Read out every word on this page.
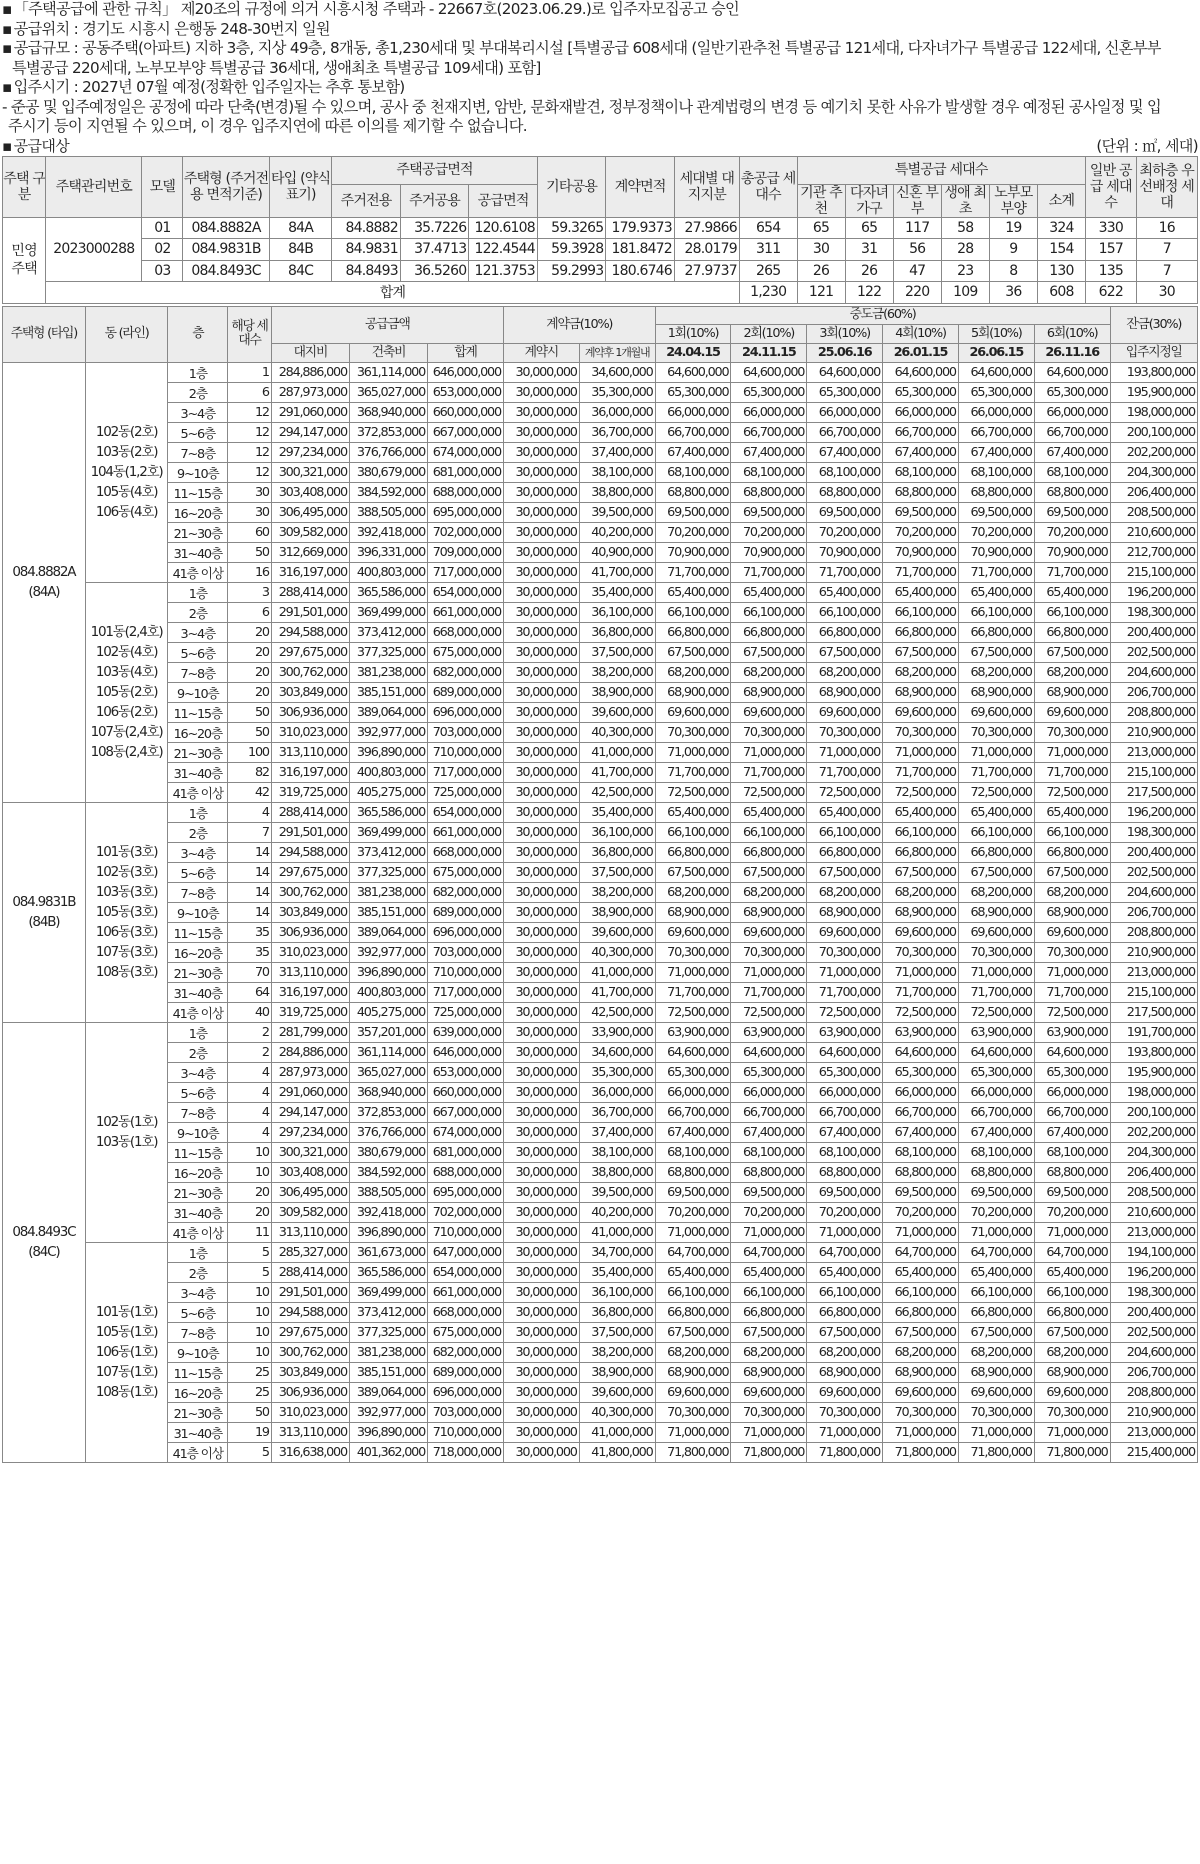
▪ 「주택공급에 관한 규칙」 제20조의 규정에 의거 시흥시청 주택과 - 22667호(2023.06.29.)로 입주자모집공고 승인
▪ 공급위치 : 경기도 시흥시 은행동 248-30번지 일원
▪ 공급규모 : 공동주택(아파트) 지하 3층, 지상 49층, 8개동, 총1,230세대 및 부대복리시설 [특별공급 608세대 (일반기관추천 특별공급 121세대, 다자녀가구 특별공급 122세대, 신혼부부
특별공급 220세대, 노부모부양 특별공급 36세대, 생애최초 특별공급 109세대) 포함]
▪ 입주시기 : 2027년 07월 예정(정확한 입주일자는 추후 통보함)
- 준공 및 입주예정일은 공정에 따라 단축(변경)될 수 있으며, 공사 중 천재지변, 암반, 문화재발견, 정부정책이나 관계법령의 변경 등 예기치 못한 사유가 발생할 경우 예정된 공사일정 및 입
주시기 등이 지연될 수 있으며, 이 경우 입주지연에 따른 이의를 제기할 수 없습니다.
▪ 공급대상	(단위 : ㎡, 세대)
주택 구분	주택관리번호	모델	주택형 (주거전용 면적기준)	타입 (약식표기)	주택공급면적			기타공용	계약면적	세대별 대지지분	총공급 세대수	특별공급 세대수						일반 공급 세대수	최하층 우선배정 세대
					주거전용	주거공용	공급면적					기관 추천	다자녀 가구	신혼 부부	생애 최초	노부모 부양	소계		
민영 주택	2023000288	01	084.8882A	84A	84.8882	35.7226	120.6108	59.3265	179.9373	27.9866	654	65	65	117	58	19	324	330	16
		02	084.9831B	84B	84.9831	37.4713	122.4544	59.3928	181.8472	28.0179	311	30	31	56	28	9	154	157	7
		03	084.8493C	84C	84.8493	36.5260	121.3753	59.2993	180.6746	27.9737	265	26	26	47	23	8	130	135	7
	합계										1,230	121	122	220	109	36	608	622	30
주택형 (타입)	동 (라인)	층	해당 세대수	공급금액			계약금(10%)		중도금(60%)						잔금(30%)
									1회(10%)	2회(10%)	3회(10%)	4회(10%)	5회(10%)	6회(10%)	
				대지비	건축비	합계	계약시	계약후 1개월내	24.04.15	24.11.15	25.06.16	26.01.15	26.06.15	26.11.16	입주지정일
084.8882A (84A)	102동(2호) 103동(2호) 104동(1,2호) 105동(4호) 106동(4호)	1층	1	284,886,000	361,114,000	646,000,000	30,000,000	34,600,000	64,600,000	64,600,000	64,600,000	64,600,000	64,600,000	64,600,000	193,800,000
		2층	6	287,973,000	365,027,000	653,000,000	30,000,000	35,300,000	65,300,000	65,300,000	65,300,000	65,300,000	65,300,000	65,300,000	195,900,000
		3~4층	12	291,060,000	368,940,000	660,000,000	30,000,000	36,000,000	66,000,000	66,000,000	66,000,000	66,000,000	66,000,000	66,000,000	198,000,000
		5~6층	12	294,147,000	372,853,000	667,000,000	30,000,000	36,700,000	66,700,000	66,700,000	66,700,000	66,700,000	66,700,000	66,700,000	200,100,000
		7~8층	12	297,234,000	376,766,000	674,000,000	30,000,000	37,400,000	67,400,000	67,400,000	67,400,000	67,400,000	67,400,000	67,400,000	202,200,000
		9~10층	12	300,321,000	380,679,000	681,000,000	30,000,000	38,100,000	68,100,000	68,100,000	68,100,000	68,100,000	68,100,000	68,100,000	204,300,000
		11~15층	30	303,408,000	384,592,000	688,000,000	30,000,000	38,800,000	68,800,000	68,800,000	68,800,000	68,800,000	68,800,000	68,800,000	206,400,000
		16~20층	30	306,495,000	388,505,000	695,000,000	30,000,000	39,500,000	69,500,000	69,500,000	69,500,000	69,500,000	69,500,000	69,500,000	208,500,000
		21~30층	60	309,582,000	392,418,000	702,000,000	30,000,000	40,200,000	70,200,000	70,200,000	70,200,000	70,200,000	70,200,000	70,200,000	210,600,000
		31~40층	50	312,669,000	396,331,000	709,000,000	30,000,000	40,900,000	70,900,000	70,900,000	70,900,000	70,900,000	70,900,000	70,900,000	212,700,000
		41층 이상	16	316,197,000	400,803,000	717,000,000	30,000,000	41,700,000	71,700,000	71,700,000	71,700,000	71,700,000	71,700,000	71,700,000	215,100,000
	101동(2,4호) 102동(4호) 103동(4호) 105동(2호) 106동(2호) 107동(2,4호) 108동(2,4호)	1층	3	288,414,000	365,586,000	654,000,000	30,000,000	35,400,000	65,400,000	65,400,000	65,400,000	65,400,000	65,400,000	65,400,000	196,200,000
		2층	6	291,501,000	369,499,000	661,000,000	30,000,000	36,100,000	66,100,000	66,100,000	66,100,000	66,100,000	66,100,000	66,100,000	198,300,000
		3~4층	20	294,588,000	373,412,000	668,000,000	30,000,000	36,800,000	66,800,000	66,800,000	66,800,000	66,800,000	66,800,000	66,800,000	200,400,000
		5~6층	20	297,675,000	377,325,000	675,000,000	30,000,000	37,500,000	67,500,000	67,500,000	67,500,000	67,500,000	67,500,000	67,500,000	202,500,000
		7~8층	20	300,762,000	381,238,000	682,000,000	30,000,000	38,200,000	68,200,000	68,200,000	68,200,000	68,200,000	68,200,000	68,200,000	204,600,000
		9~10층	20	303,849,000	385,151,000	689,000,000	30,000,000	38,900,000	68,900,000	68,900,000	68,900,000	68,900,000	68,900,000	68,900,000	206,700,000
		11~15층	50	306,936,000	389,064,000	696,000,000	30,000,000	39,600,000	69,600,000	69,600,000	69,600,000	69,600,000	69,600,000	69,600,000	208,800,000
		16~20층	50	310,023,000	392,977,000	703,000,000	30,000,000	40,300,000	70,300,000	70,300,000	70,300,000	70,300,000	70,300,000	70,300,000	210,900,000
		21~30층	100	313,110,000	396,890,000	710,000,000	30,000,000	41,000,000	71,000,000	71,000,000	71,000,000	71,000,000	71,000,000	71,000,000	213,000,000
		31~40층	82	316,197,000	400,803,000	717,000,000	30,000,000	41,700,000	71,700,000	71,700,000	71,700,000	71,700,000	71,700,000	71,700,000	215,100,000
		41층 이상	42	319,725,000	405,275,000	725,000,000	30,000,000	42,500,000	72,500,000	72,500,000	72,500,000	72,500,000	72,500,000	72,500,000	217,500,000
084.9831B (84B)	101동(3호) 102동(3호) 103동(3호) 105동(3호) 106동(3호) 107동(3호) 108동(3호)	1층	4	288,414,000	365,586,000	654,000,000	30,000,000	35,400,000	65,400,000	65,400,000	65,400,000	65,400,000	65,400,000	65,400,000	196,200,000
		2층	7	291,501,000	369,499,000	661,000,000	30,000,000	36,100,000	66,100,000	66,100,000	66,100,000	66,100,000	66,100,000	66,100,000	198,300,000
		3~4층	14	294,588,000	373,412,000	668,000,000	30,000,000	36,800,000	66,800,000	66,800,000	66,800,000	66,800,000	66,800,000	66,800,000	200,400,000
		5~6층	14	297,675,000	377,325,000	675,000,000	30,000,000	37,500,000	67,500,000	67,500,000	67,500,000	67,500,000	67,500,000	67,500,000	202,500,000
		7~8층	14	300,762,000	381,238,000	682,000,000	30,000,000	38,200,000	68,200,000	68,200,000	68,200,000	68,200,000	68,200,000	68,200,000	204,600,000
		9~10층	14	303,849,000	385,151,000	689,000,000	30,000,000	38,900,000	68,900,000	68,900,000	68,900,000	68,900,000	68,900,000	68,900,000	206,700,000
		11~15층	35	306,936,000	389,064,000	696,000,000	30,000,000	39,600,000	69,600,000	69,600,000	69,600,000	69,600,000	69,600,000	69,600,000	208,800,000
		16~20층	35	310,023,000	392,977,000	703,000,000	30,000,000	40,300,000	70,300,000	70,300,000	70,300,000	70,300,000	70,300,000	70,300,000	210,900,000
		21~30층	70	313,110,000	396,890,000	710,000,000	30,000,000	41,000,000	71,000,000	71,000,000	71,000,000	71,000,000	71,000,000	71,000,000	213,000,000
		31~40층	64	316,197,000	400,803,000	717,000,000	30,000,000	41,700,000	71,700,000	71,700,000	71,700,000	71,700,000	71,700,000	71,700,000	215,100,000
		41층 이상	40	319,725,000	405,275,000	725,000,000	30,000,000	42,500,000	72,500,000	72,500,000	72,500,000	72,500,000	72,500,000	72,500,000	217,500,000
084.8493C (84C)	102동(1호) 103동(1호)	1층	2	281,799,000	357,201,000	639,000,000	30,000,000	33,900,000	63,900,000	63,900,000	63,900,000	63,900,000	63,900,000	63,900,000	191,700,000
		2층	2	284,886,000	361,114,000	646,000,000	30,000,000	34,600,000	64,600,000	64,600,000	64,600,000	64,600,000	64,600,000	64,600,000	193,800,000
		3~4층	4	287,973,000	365,027,000	653,000,000	30,000,000	35,300,000	65,300,000	65,300,000	65,300,000	65,300,000	65,300,000	65,300,000	195,900,000
		5~6층	4	291,060,000	368,940,000	660,000,000	30,000,000	36,000,000	66,000,000	66,000,000	66,000,000	66,000,000	66,000,000	66,000,000	198,000,000
		7~8층	4	294,147,000	372,853,000	667,000,000	30,000,000	36,700,000	66,700,000	66,700,000	66,700,000	66,700,000	66,700,000	66,700,000	200,100,000
		9~10층	4	297,234,000	376,766,000	674,000,000	30,000,000	37,400,000	67,400,000	67,400,000	67,400,000	67,400,000	67,400,000	67,400,000	202,200,000
		11~15층	10	300,321,000	380,679,000	681,000,000	30,000,000	38,100,000	68,100,000	68,100,000	68,100,000	68,100,000	68,100,000	68,100,000	204,300,000
		16~20층	10	303,408,000	384,592,000	688,000,000	30,000,000	38,800,000	68,800,000	68,800,000	68,800,000	68,800,000	68,800,000	68,800,000	206,400,000
		21~30층	20	306,495,000	388,505,000	695,000,000	30,000,000	39,500,000	69,500,000	69,500,000	69,500,000	69,500,000	69,500,000	69,500,000	208,500,000
		31~40층	20	309,582,000	392,418,000	702,000,000	30,000,000	40,200,000	70,200,000	70,200,000	70,200,000	70,200,000	70,200,000	70,200,000	210,600,000
		41층 이상	11	313,110,000	396,890,000	710,000,000	30,000,000	41,000,000	71,000,000	71,000,000	71,000,000	71,000,000	71,000,000	71,000,000	213,000,000
	101동(1호) 105동(1호) 106동(1호) 107동(1호) 108동(1호)	1층	5	285,327,000	361,673,000	647,000,000	30,000,000	34,700,000	64,700,000	64,700,000	64,700,000	64,700,000	64,700,000	64,700,000	194,100,000
		2층	5	288,414,000	365,586,000	654,000,000	30,000,000	35,400,000	65,400,000	65,400,000	65,400,000	65,400,000	65,400,000	65,400,000	196,200,000
		3~4층	10	291,501,000	369,499,000	661,000,000	30,000,000	36,100,000	66,100,000	66,100,000	66,100,000	66,100,000	66,100,000	66,100,000	198,300,000
		5~6층	10	294,588,000	373,412,000	668,000,000	30,000,000	36,800,000	66,800,000	66,800,000	66,800,000	66,800,000	66,800,000	66,800,000	200,400,000
		7~8층	10	297,675,000	377,325,000	675,000,000	30,000,000	37,500,000	67,500,000	67,500,000	67,500,000	67,500,000	67,500,000	67,500,000	202,500,000
		9~10층	10	300,762,000	381,238,000	682,000,000	30,000,000	38,200,000	68,200,000	68,200,000	68,200,000	68,200,000	68,200,000	68,200,000	204,600,000
		11~15층	25	303,849,000	385,151,000	689,000,000	30,000,000	38,900,000	68,900,000	68,900,000	68,900,000	68,900,000	68,900,000	68,900,000	206,700,000
		16~20층	25	306,936,000	389,064,000	696,000,000	30,000,000	39,600,000	69,600,000	69,600,000	69,600,000	69,600,000	69,600,000	69,600,000	208,800,000
		21~30층	50	310,023,000	392,977,000	703,000,000	30,000,000	40,300,000	70,300,000	70,300,000	70,300,000	70,300,000	70,300,000	70,300,000	210,900,000
		31~40층	19	313,110,000	396,890,000	710,000,000	30,000,000	41,000,000	71,000,000	71,000,000	71,000,000	71,000,000	71,000,000	71,000,000	213,000,000
		41층 이상	5	316,638,000	401,362,000	718,000,000	30,000,000	41,800,000	71,800,000	71,800,000	71,800,000	71,800,000	71,800,000	71,800,000	215,400,000
